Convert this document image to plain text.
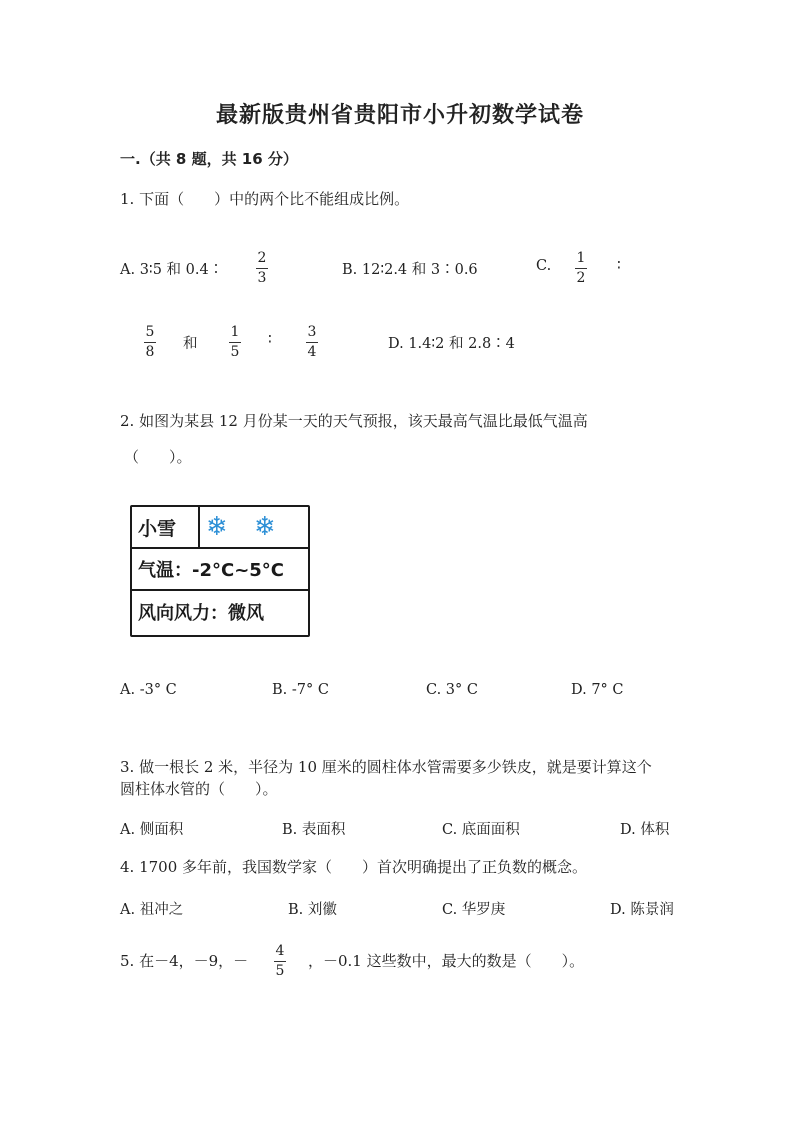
最新版贵州省贵阳市小升初数学试卷
一.（共 8 题，共 16 分）
1. 下面（　　）中的两个比不能组成比例。
A. 3∶5 和 0.4∶
2
3	B. 12∶2.4 和 3∶0.6	C. 1
2
∶
5
8 和
1
5
∶	3
4	D. 1.4∶2 和 2.8∶4
2. 如图为某县 12 月份某一天的天气预报，该天最高气温比最低气温高
（　　）。
小雪 ❄ ❄
气温：-2°C~5°C
风向风力：微风
A. -3° C	B. -7° C	C. 3° C	D. 7° C
3. 做一根长 2 米，半径为 10 厘米的圆柱体水管需要多少铁皮，就是要计算这个
圆柱体水管的（　　）。
A. 侧面积	B. 表面积	C. 底面面积	D. 体积
4. 1700 多年前，我国数学家（　　）首次明确提出了正负数的概念。
A. 祖冲之	B. 刘徽	C. 华罗庚	D. 陈景润
5. 在－4，－9，－
4
5
，－0.1 这些数中，最大的数是（　　）。
